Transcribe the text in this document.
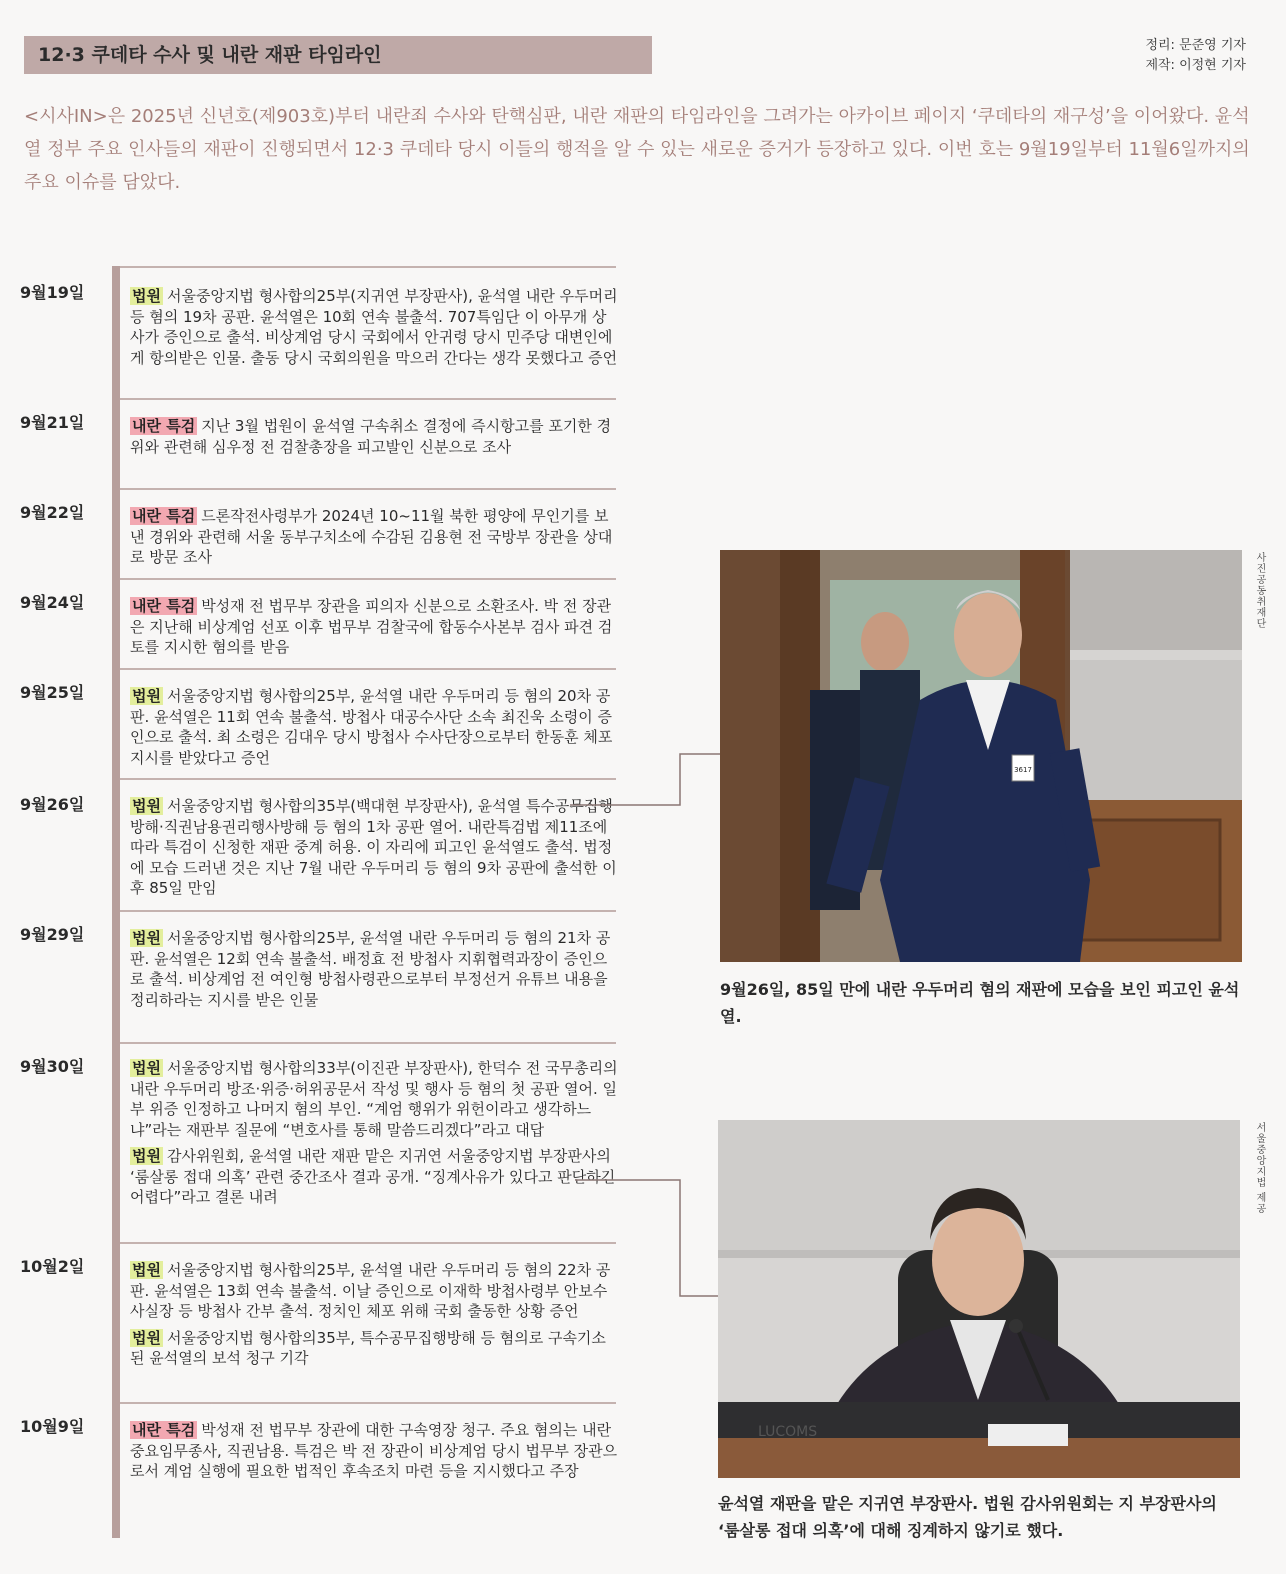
12·3 쿠데타 수사 및 내란 재판 타임라인	정리: 문준영 기자
제작: 이정현 기자

<시사IN>은 2025년 신년호(제903호)부터 내란죄 수사와 탄핵심판, 내란 재판의 타임라인을 그려가는 아카이브 페이지 ‘쿠데타의 재구성’을 이어왔다. 윤석열 정부 주요 인사들의 재판이 진행되면서 12·3 쿠데타 당시 이들의 행적을 알 수 있는 새로운 증거가 등장하고 있다. 이번 호는 9월19일부터 11월6일까지의 주요 이슈를 담았다.

9월19일	법원 서울중앙지법 형사합의25부(지귀연 부장판사), 윤석열 내란 우두머리 등 혐의 19차 공판. 윤석열은 10회 연속 불출석. 707특임단 이 아무개 상사가 증인으로 출석. 비상계엄 당시 국회에서 안귀령 당시 민주당 대변인에게 항의받은 인물. 출동 당시 국회의원을 막으러 간다는 생각 못했다고 증언

9월21일	내란 특검 지난 3월 법원이 윤석열 구속취소 결정에 즉시항고를 포기한 경위와 관련해 심우정 전 검찰총장을 피고발인 신분으로 조사

9월22일	내란 특검 드론작전사령부가 2024년 10~11월 북한 평양에 무인기를 보낸 경위와 관련해 서울 동부구치소에 수감된 김용현 전 국방부 장관을 상대로 방문 조사

9월24일	내란 특검 박성재 전 법무부 장관을 피의자 신분으로 소환조사. 박 전 장관은 지난해 비상계엄 선포 이후 법무부 검찰국에 합동수사본부 검사 파견 검토를 지시한 혐의를 받음

9월25일	법원 서울중앙지법 형사합의25부, 윤석열 내란 우두머리 등 혐의 20차 공판. 윤석열은 11회 연속 불출석. 방첩사 대공수사단 소속 최진욱 소령이 증인으로 출석. 최 소령은 김대우 당시 방첩사 수사단장으로부터 한동훈 체포 지시를 받았다고 증언

9월26일	법원 서울중앙지법 형사합의35부(백대현 부장판사), 윤석열 특수공무집행방해·직권남용권리행사방해 등 혐의 1차 공판 열어. 내란특검법 제11조에 따라 특검이 신청한 재판 중계 허용. 이 자리에 피고인 윤석열도 출석. 법정에 모습 드러낸 것은 지난 7월 내란 우두머리 등 혐의 9차 공판에 출석한 이후 85일 만임

9월29일	법원 서울중앙지법 형사합의25부, 윤석열 내란 우두머리 등 혐의 21차 공판. 윤석열은 12회 연속 불출석. 배정효 전 방첩사 지휘협력과장이 증인으로 출석. 비상계엄 전 여인형 방첩사령관으로부터 부정선거 유튜브 내용을 정리하라는 지시를 받은 인물

9월30일	법원 서울중앙지법 형사합의33부(이진관 부장판사), 한덕수 전 국무총리의 내란 우두머리 방조·위증·허위공문서 작성 및 행사 등 혐의 첫 공판 열어. 일부 위증 인정하고 나머지 혐의 부인. “계엄 행위가 위헌이라고 생각하느냐”라는 재판부 질문에 “변호사를 통해 말씀드리겠다”라고 대답

법원 감사위원회, 윤석열 내란 재판 맡은 지귀연 서울중앙지법 부장판사의 ‘룸살롱 접대 의혹’ 관련 중간조사 결과 공개. “징계사유가 있다고 판단하긴 어렵다”라고 결론 내려

10월2일	법원 서울중앙지법 형사합의25부, 윤석열 내란 우두머리 등 혐의 22차 공판. 윤석열은 13회 연속 불출석. 이날 증인으로 이재학 방첩사령부 안보수사실장 등 방첩사 간부 출석. 정치인 체포 위해 국회 출동한 상황 증언

법원 서울중앙지법 형사합의35부, 특수공무집행방해 등 혐의로 구속기소된 윤석열의 보석 청구 기각

10월9일	내란 특검 박성재 전 법무부 장관에 대한 구속영장 청구. 주요 혐의는 내란 중요임무종사, 직권남용. 특검은 박 전 장관이 비상계엄 당시 법무부 장관으로서 계엄 실행에 필요한 법적인 후속조치 마련 등을 지시했다고 주장

3617
사진공동취재단
9월26일, 85일 만에 내란 우두머리 혐의 재판에 모습을 보인 피고인 윤석열.
LUCOMS
서울중앙지법 제공
윤석열 재판을 맡은 지귀연 부장판사. 법원 감사위원회는 지 부장판사의 ‘룸살롱 접대 의혹’에 대해 징계하지 않기로 했다.
